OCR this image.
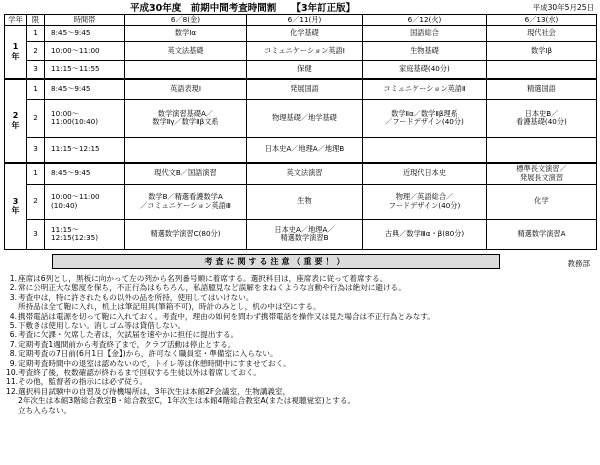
平成30年度　前期中間考査時間割 【3年訂正版】	平成30年5月25日
学年	限	時間帯	6／8(金)	6／11(月)	6／12(火)	6／13(水)
1
年	1	8:45～9:45	数学Ⅰα	化学基礎	国語総合	現代社会
	2	10:00～11:00	英文法基礎	コミュニケーション英語Ⅰ	生物基礎	数学Ⅰβ
	3	11:15～11:55		保健	家庭基礎(40分)	
2
年	1	8:45～9:45	英語表現Ⅰ	発展国語	コミュニケーション英語Ⅱ	精選国語
	2	10:00～
11:00(10:40)	数学演習基礎A／
数学Ⅱγ／数学Ⅱβ文系	物理基礎／地学基礎	数学Ⅱα／数学Ⅱβ理系
／フードデザイン(40分)	日本史B／
看護基礎(40分)
	3	11:15～12:15		日本史A／地理A／地理B		
3
年	1	8:45～9:45	現代文B／国語演習	英文法演習	近現代日本史	標準長文演習／
発展長文演習
	2	10:00～11:00
(10:40)	数学B／精選看護数学A
／コミュニケーション英語Ⅲ	生物	物理／英語総合／
フードデザイン(40分)	化学
	3	11:15～
12:15(12:35)	精選数学演習C(80分)	日本史A／地理A／
精選数学演習B	古典／数学Ⅲα・β(80分)	精選数学演習A
考査に関する注意（重要！）	教務部
1. 座席は6列とし，黒板に向かって左の列から名列番号順に着席する。選択科目は，座席表に従って着席する。
2. 常に公明正大な態度を保ち，不正行為はもちろん，私語臆見など誤解をまねくような言動や行為は絶対に避ける。
3. 考査中は，特に許されたもの以外の品を所持，使用してはいけない。
所持品は全て鞄に入れ，机上は筆記用具(筆箱不可)，時計のみとし，机の中は空にする。
4. 携帯電話は電源を切って鞄に入れておく。考査中，理由の如何を問わず携帯電話を操作又は見た場合は不正行為とみなす。
5. 下敷きは使用しない。消しゴム等は貸借しない。
6. 考査に欠課・欠席した者は，欠試届を速やかに担任に提出する。
7. 定期考査1週間前から考査終了まで，クラブ活動は停止とする。
8. 定期考査の7日前(6月1日【金】)から，許可なく職員室・準備室に入らない。
9. 定期考査時間中の退室は認めないので，トイレ等は休憩時間中にすませておく。
10. 考査終了後，枚数確認が終わるまで回収する生徒以外は着席しておく。
11. その他，監督者の指示には必ず従う。
12. 選択科目試験中の自習及び待機場所は，3年次生は本館2F会議室，生物講義室，
2年次生は本館3階総合教室B・総合教室C，1年次生は本館4階総合教室A(または視聴覚室)とする。
立ち入らない。
